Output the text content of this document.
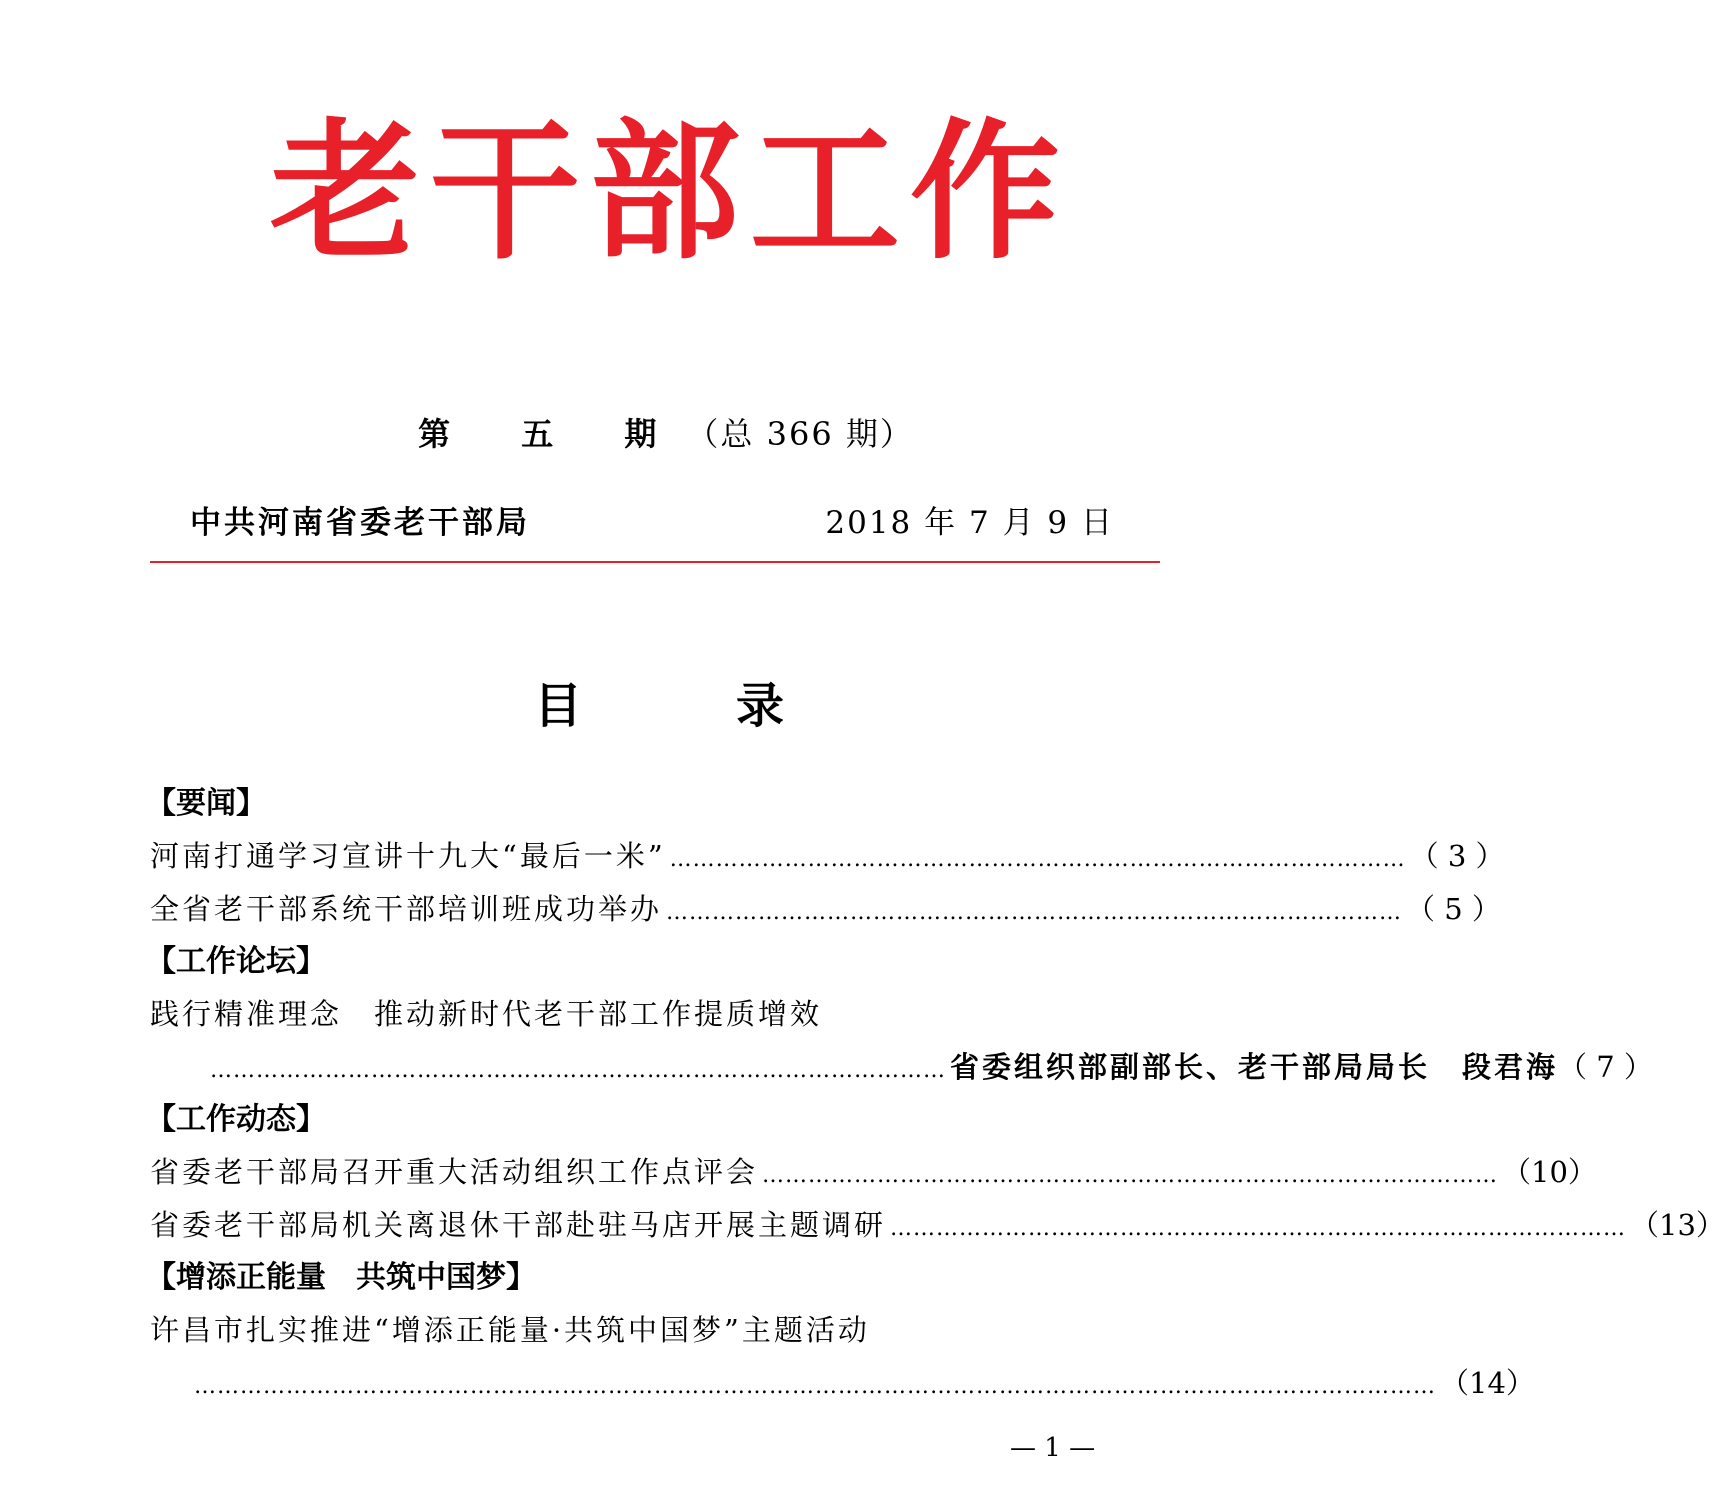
老 干 部 工 作
第 五 期（总 366 期）
中共河南省委老干部局	2018 年 7 月 9 日
目	录
【要闻】
河南打通学习宣讲十九大“最后一米” …………………………………………………………………………………… （ 3 ）
全省老干部系统干部培训班成功举办 …………………………………………………………………………………… （ 5 ）
【工作论坛】
践行精准理念　推动新时代老干部工作提质增效
…………………………………………………………………………………… 省委组织部副部长、老干部局局长　段君海 （ 7 ）
【工作动态】
省委老干部局召开重大活动组织工作点评会 …………………………………………………………………………………… （10）
省委老干部局机关离退休干部赴驻马店开展主题调研 …………………………………………………………………………………… （13）
【增添正能量　共筑中国梦】
许昌市扎实推进“增添正能量·共筑中国梦”主题活动
……………………………………………………………………………………………………………………………………………… （14）
— 1 —
